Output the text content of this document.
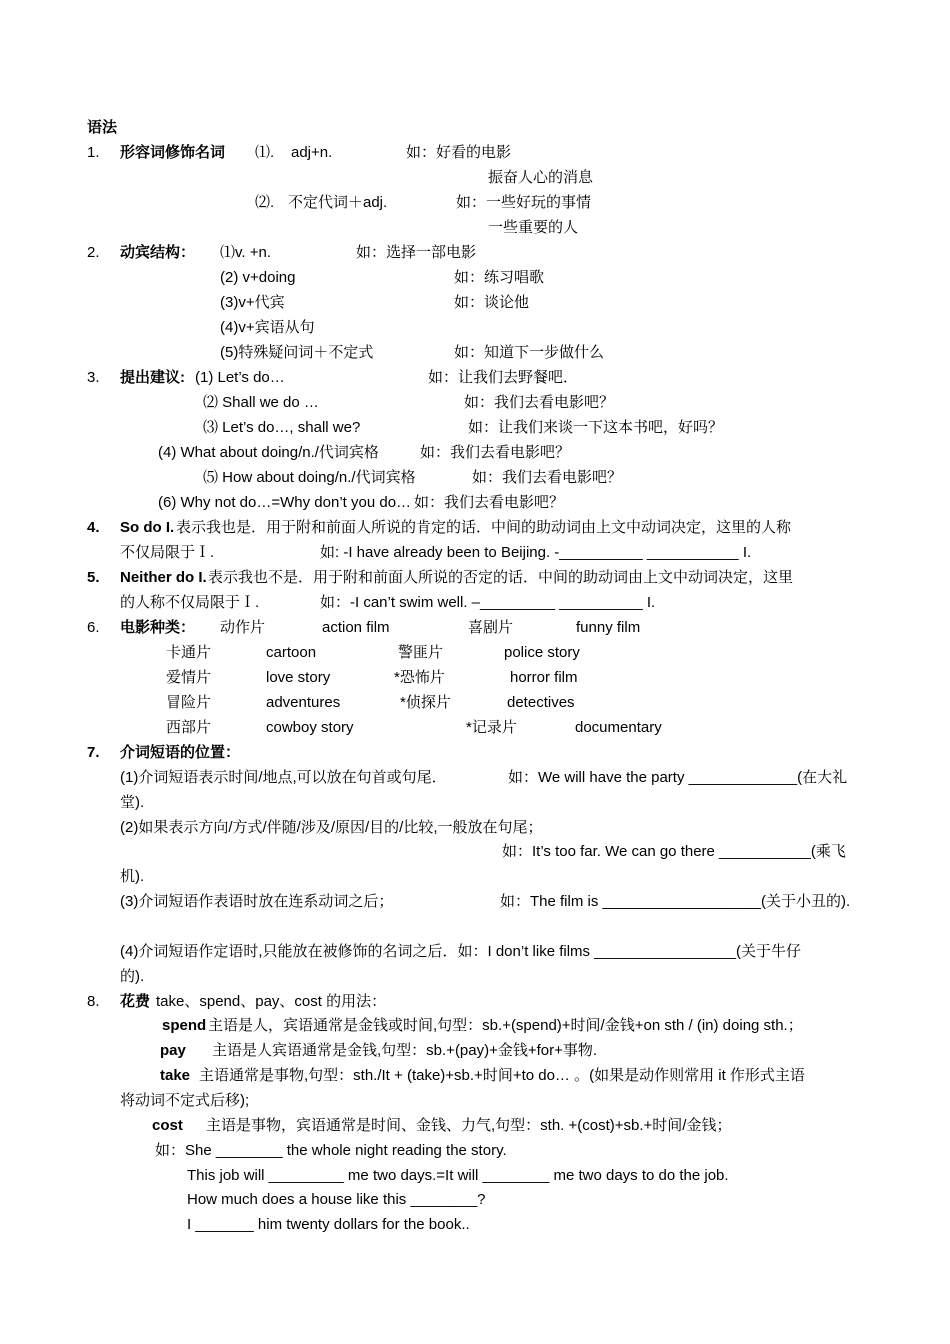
语法
1. 形容词修饰名词 ⑴. adj+n.	如：好看的电影
振奋人心的消息
⑵. 不定代词＋adj.	如：一些好玩的事情
一些重要的人
2. 动宾结构： ⑴v. +n.	如：选择一部电影
(2) v+doing	如：练习唱歌
(3)v+代宾	如：谈论他
(4)v+宾语从句
(5)特殊疑问词＋不定式	如：知道下一步做什么
3. 提出建议: (1) Let’s do…	如：让我们去野餐吧．
⑵ Shall we do …	如：我们去看电影吧？
⑶ Let’s do…, shall we?	如：让我们来谈一下这本书吧，好吗？
(4) What about doing/n./代词宾格	如：我们去看电影吧？
⑸ How about doing/n./代词宾格	如：我们去看电影吧？
(6) Why not do…=Why don’t you do… 如：我们去看电影吧？
4. So do I. 表示我也是．用于附和前面人所说的肯定的话．中间的助动词由上文中动词决定，这里的人称
不仅局限于Ｉ.	如: -I have already been to Beijing. -__________ ___________ I.
5. Neither do I. 表示我也不是．用于附和前面人所说的否定的话．中间的助动词由上文中动词决定，这里
的人称不仅局限于Ｉ.	如：-I can’t swim well. –_________ __________ I.
6. 电影种类： 动作片	action film	喜剧片	funny film
卡通片	cartoon	警匪片	police story
爱情片	love story	*恐怖片	horror film
冒险片	adventures	*侦探片	detectives
西部片	cowboy story	*记录片	documentary
7. 介词短语的位置：
(1)介词短语表示时间/地点,可以放在句首或句尾．	如：We will have the party _____________(在大礼
堂).
(2)如果表示方向/方式/伴随/涉及/原因/目的/比较,一般放在句尾；
如：It’s too far. We can go there ___________(乘飞
机).
(3)介词短语作表语时放在连系动词之后；	如：The film is ___________________(关于小丑的).
(4)介词短语作定语时,只能放在被修饰的名词之后．如：I don’t like films _________________(关于牛仔
的).
8. 花费 take、spend、pay、cost 的用法：
spend 主语是人，宾语通常是金钱或时间,句型：sb.+(spend)+时间/金钱+on sth / (in) doing sth.；
pay 主语是人宾语通常是金钱,句型：sb.+(pay)+金钱+for+事物.
take 主语通常是事物,句型：sth./It + (take)+sb.+时间+to do… 。(如果是动作则常用 it 作形式主语
将动词不定式后移);
cost 主语是事物，宾语通常是时间、金钱、力气,句型：sth. +(cost)+sb.+时间/金钱；
如：She ________ the whole night reading the story.
This job will _________ me two days.=It will ________ me two days to do the job.
How much does a house like this ________?
I _______ him twenty dollars for the book..
